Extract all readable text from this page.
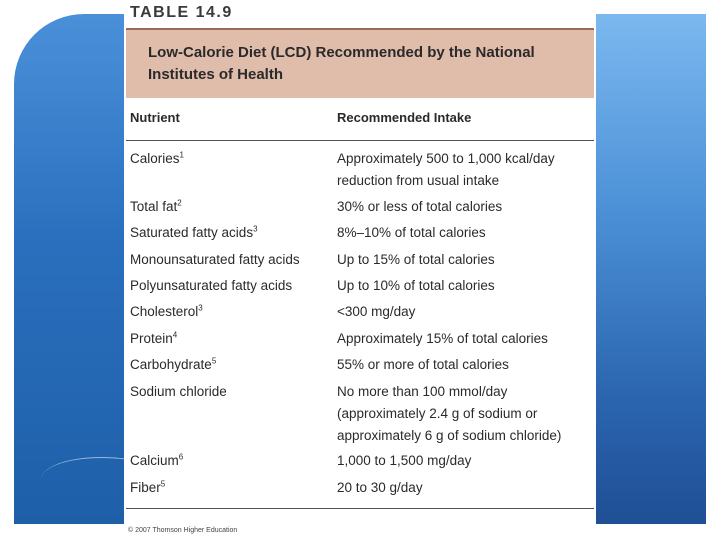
TABLE 14.9
Low-Calorie Diet (LCD) Recommended by the National Institutes of Health
Nutrient	Recommended Intake
Calories$^1$	Approximately 500 to 1,000 kcal/day reduction from usual intake
Total fat$^2$	30% or less of total calories
Saturated fatty acids$^3$	8%–10% of total calories
Monounsaturated fatty acids	Up to 15% of total calories
Polyunsaturated fatty acids	Up to 10% of total calories
Cholesterol$^3$	<300 mg/day
Protein$^4$	Approximately 15% of total calories
Carbohydrate$^5$	55% or more of total calories
Sodium chloride	No more than 100 mmol/day (approximately 2.4 g of sodium or approximately 6 g of sodium chloride)
Calcium$^6$	1,000 to 1,500 mg/day
Fiber$^5$	20 to 30 g/day
© 2007 Thomson Higher Education
